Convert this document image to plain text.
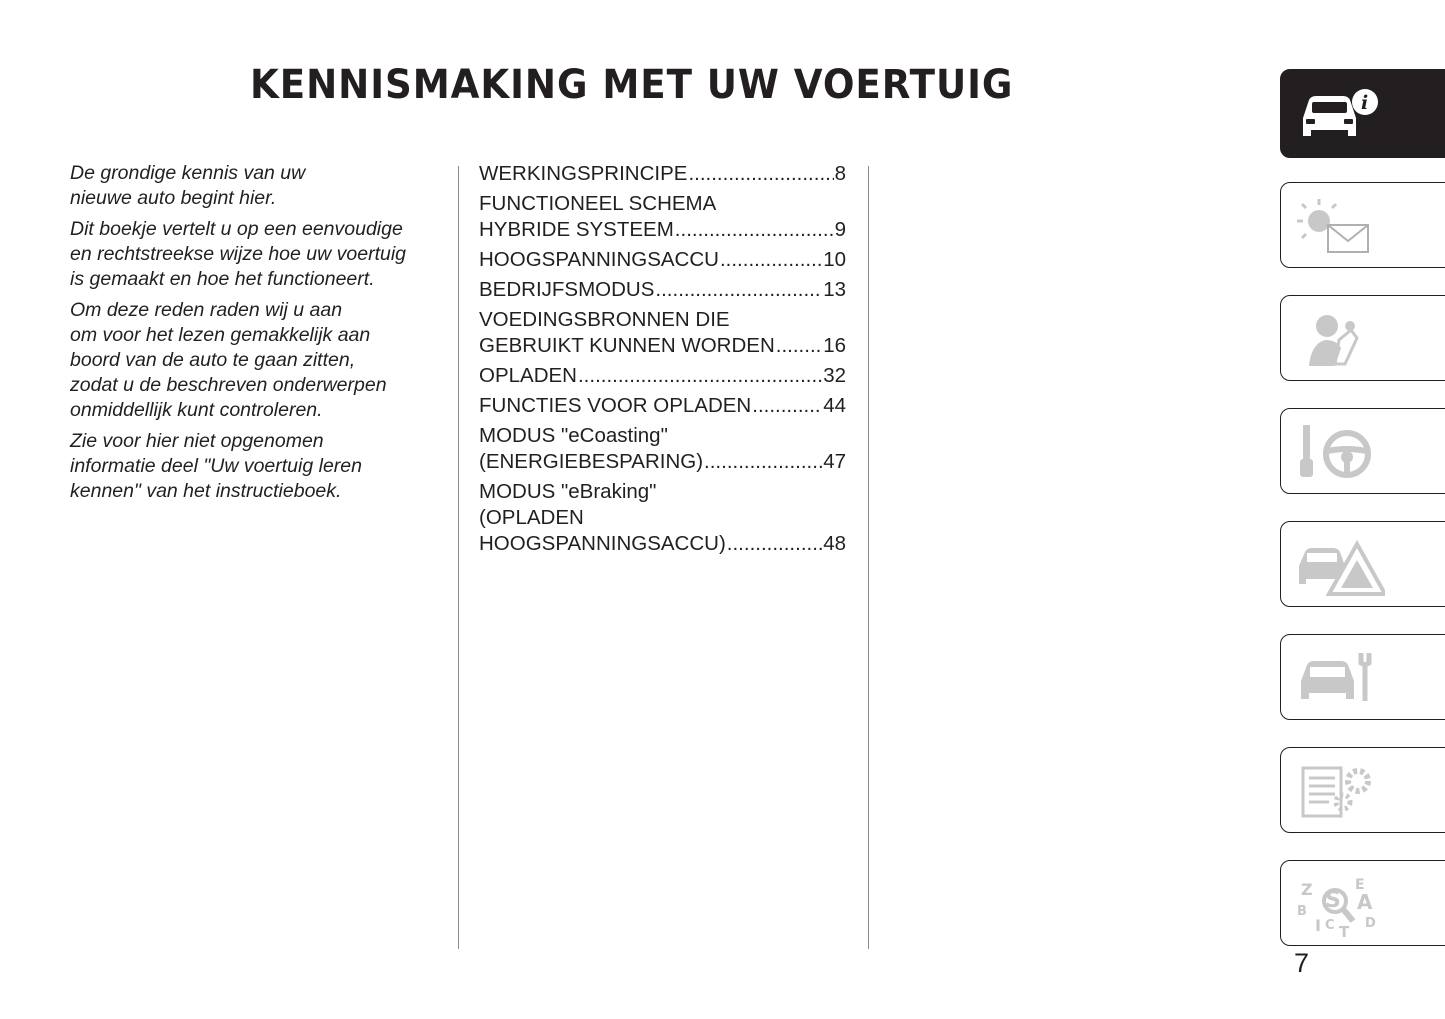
KENNISMAKING MET UW VOERTUIG

De grondige kennis van uw
nieuwe auto begint hier.

Dit boekje vertelt u op een eenvoudige
en rechtstreekse wijze hoe uw voertuig
is gemaakt en hoe het functioneert.

Om deze reden raden wij u aan
om voor het lezen gemakkelijk aan
boord van de auto te gaan zitten,
zodat u de beschreven onderwerpen
onmiddellijk kunt controleren.

Zie voor hier niet opgenomen
informatie deel "Uw voertuig leren
kennen" van het instructieboek.

WERKINGSPRINCIPE .....	8
FUNCTIONEEL SCHEMA
HYBRIDE SYSTEEM .....	9
HOOGSPANNINGSACCU .....	10
BEDRIJFSMODUS .....	13
VOEDINGSBRONNEN DIE
GEBRUIKT KUNNEN WORDEN ..... 16
OPLADEN .....	32
FUNCTIES VOOR OPLADEN .....	44
MODUS "eCoasting"
(ENERGIEBESPARING) .....	47
MODUS "eBraking"
(OPLADEN
HOOGSPANNINGSACCU) .....	48
i
Z	E
S A
B
D
I C T
7
